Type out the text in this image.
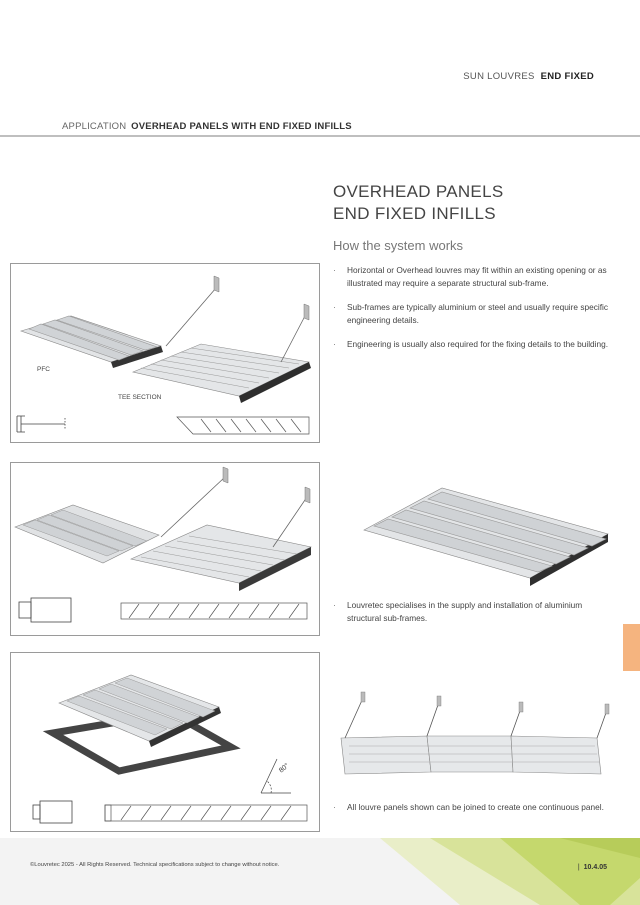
SUN LOUVRES END FIXED
APPLICATION OVERHEAD PANELS WITH END FIXED INFILLS
OVERHEAD PANELS
END FIXED INFILLS
How the system works
· Horizontal or Overhead louvres may fit within an existing opening or as illustrated may require a separate structural sub-frame.
· Sub-frames are typically aluminium or steel and usually require specific engineering details.
· Engineering is usually also required for the fixing details to the building.
PFC
TEE SECTION
80°
· Louvretec specialises in the supply and installation of aluminium structural sub-frames.
· All louvre panels shown can be joined to create one continuous panel.
©Louvretec 2025 - All Rights Reserved. Technical specifications subject to change without notice.	| 10.4.05
